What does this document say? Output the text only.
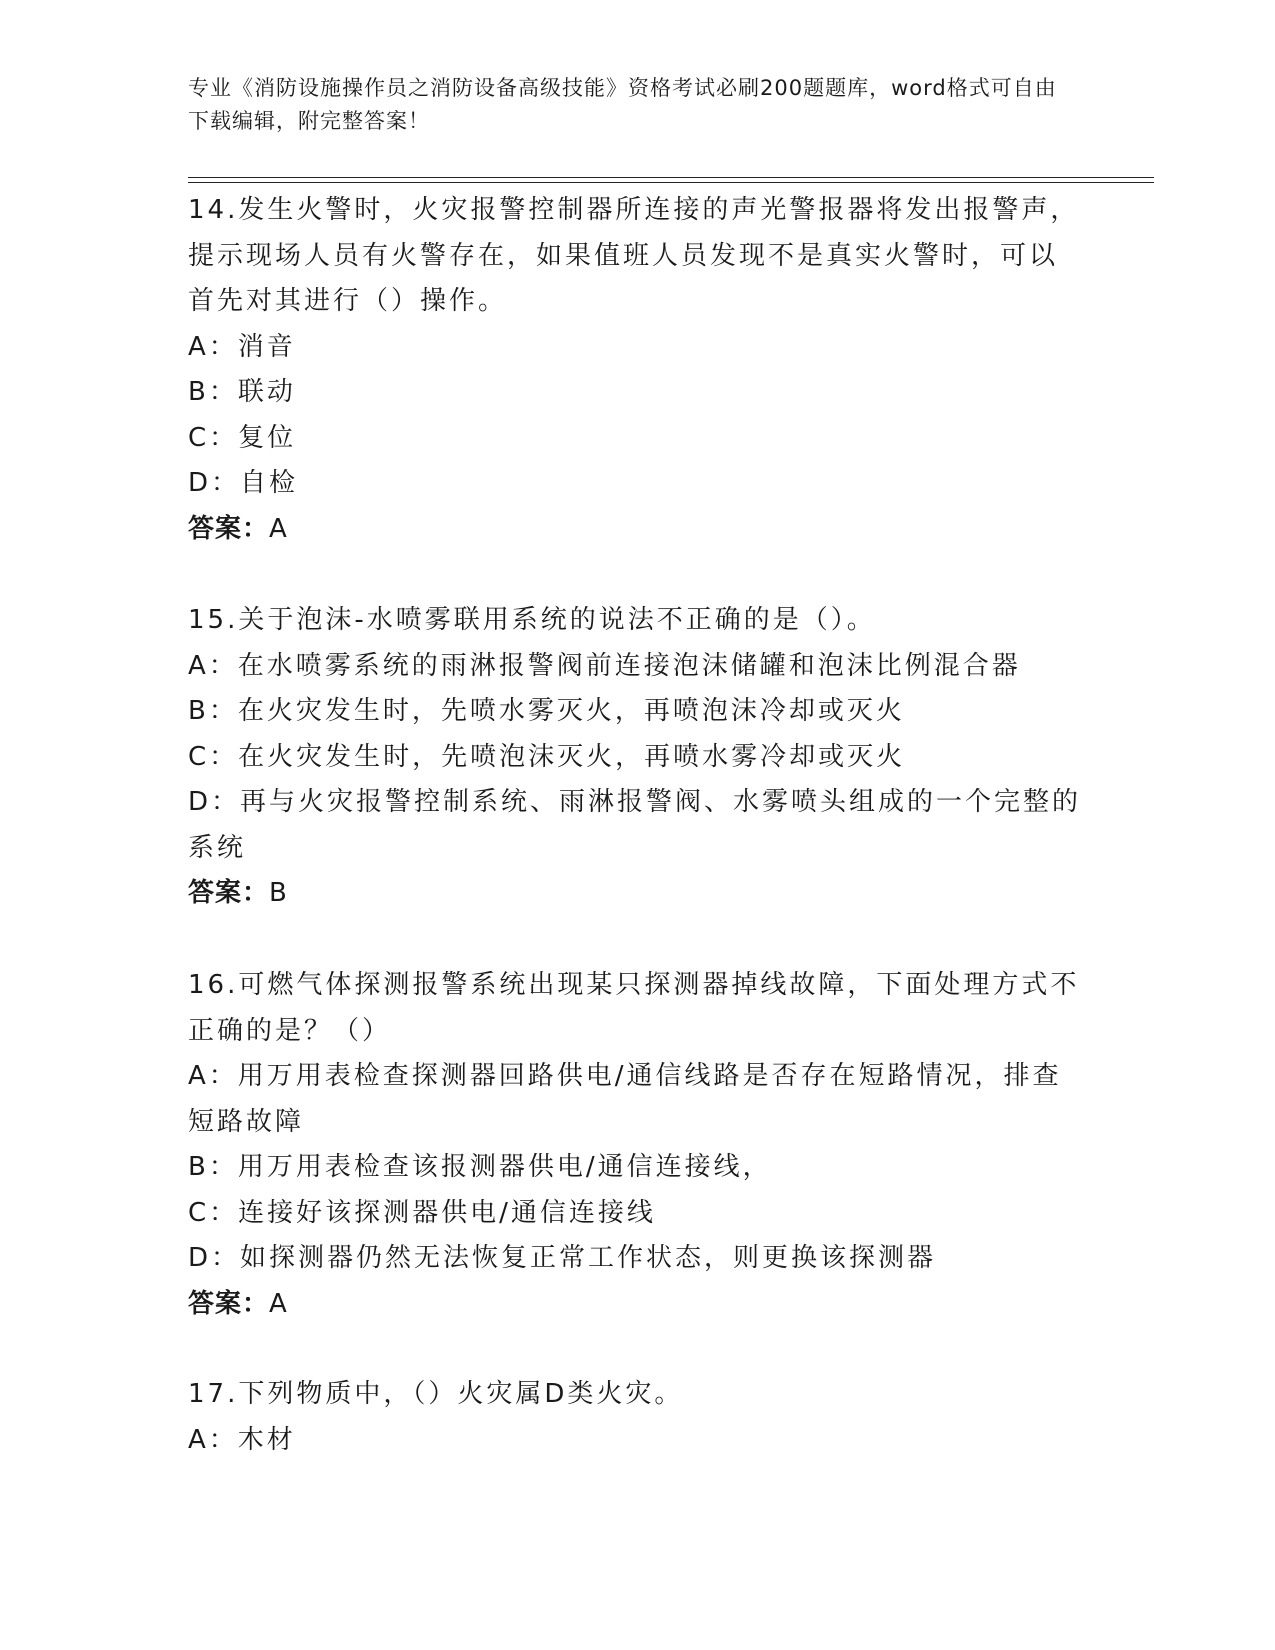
专业《消防设施操作员之消防设备高级技能》资格考试必刷200题题库，word格式可自由下载编辑，附完整答案！

14.发生火警时，火灾报警控制器所连接的声光警报器将发出报警声，

提示现场人员有火警存在，如果值班人员发现不是真实火警时，可以

首先对其进行（）操作。

A：消音

B：联动

C：复位

D：自检

答案：A

15.关于泡沫-水喷雾联用系统的说法不正确的是（）。

A：在水喷雾系统的雨淋报警阀前连接泡沫储罐和泡沫比例混合器

B：在火灾发生时，先喷水雾灭火，再喷泡沫冷却或灭火

C：在火灾发生时，先喷泡沫灭火，再喷水雾冷却或灭火

D：再与火灾报警控制系统、雨淋报警阀、水雾喷头组成的一个完整的

系统

答案：B

16.可燃气体探测报警系统出现某只探测器掉线故障，下面处理方式不

正确的是？（）

A：用万用表检查探测器回路供电/通信线路是否存在短路情况，排查

短路故障

B：用万用表检查该报测器供电/通信连接线，

C：连接好该探测器供电/通信连接线

D：如探测器仍然无法恢复正常工作状态，则更换该探测器

答案：A

17.下列物质中，（）火灾属D类火灾。

A：木材
